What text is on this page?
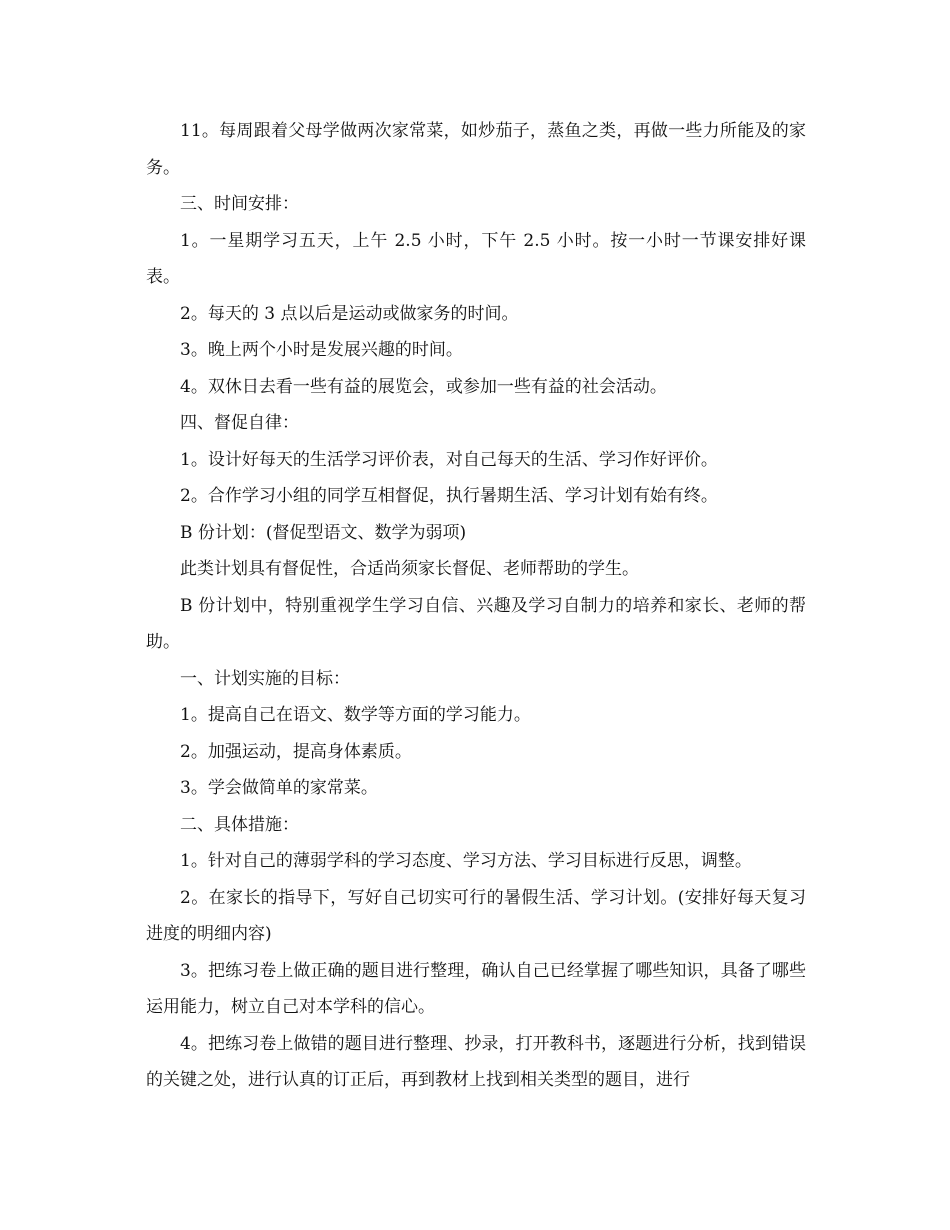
11。每周跟着父母学做两次家常菜，如炒茄子，蒸鱼之类，再做一些力所能及的家务。

三、时间安排：

1。一星期学习五天，上午 2.5 小时，下午 2.5 小时。按一小时一节课安排好课表。

2。每天的 3 点以后是运动或做家务的时间。

3。晚上两个小时是发展兴趣的时间。

4。双休日去看一些有益的展览会，或参加一些有益的社会活动。

四、督促自律：

1。设计好每天的生活学习评价表，对自己每天的生活、学习作好评价。

2。合作学习小组的同学互相督促，执行暑期生活、学习计划有始有终。

B 份计划：(督促型语文、数学为弱项)

此类计划具有督促性，合适尚须家长督促、老师帮助的学生。

B 份计划中，特别重视学生学习自信、兴趣及学习自制力的培养和家长、老师的帮助。

一、计划实施的目标：

1。提高自己在语文、数学等方面的学习能力。

2。加强运动，提高身体素质。

3。学会做简单的家常菜。

二、具体措施：

1。针对自己的薄弱学科的学习态度、学习方法、学习目标进行反思，调整。

2。在家长的指导下，写好自己切实可行的暑假生活、学习计划。(安排好每天复习进度的明细内容)

3。把练习卷上做正确的题目进行整理，确认自己已经掌握了哪些知识，具备了哪些运用能力，树立自己对本学科的信心。

4。把练习卷上做错的题目进行整理、抄录，打开教科书，逐题进行分析，找到错误的关键之处，进行认真的订正后，再到教材上找到相关类型的题目，进行
